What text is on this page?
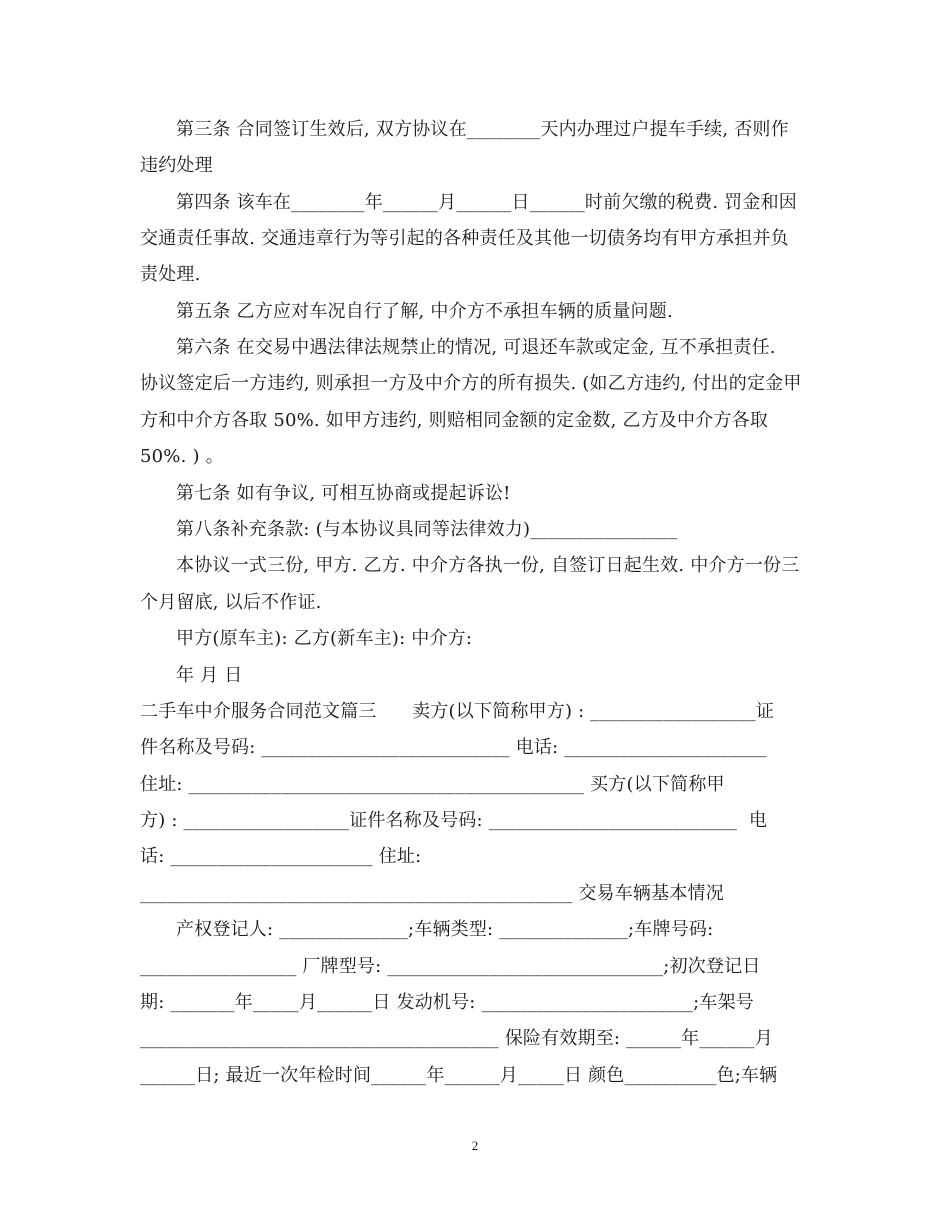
第三条 合同签订生效后, 双方协议在________天内办理过户提车手续, 否则作
违约处理
第四条 该车在________年______月______日______时前欠缴的税费. 罚金和因
交通责任事故. 交通违章行为等引起的各种责任及其他一切债务均有甲方承担并负
责处理.
第五条 乙方应对车况自行了解, 中介方不承担车辆的质量问题.
第六条 在交易中遇法律法规禁止的情况, 可退还车款或定金, 互不承担责任.
协议签定后一方违约, 则承担一方及中介方的所有损失. (如乙方违约, 付出的定金甲
方和中介方各取 50%. 如甲方违约, 则赔相同金额的定金数, 乙方及中介方各取
50%. ) 。
第七条 如有争议, 可相互协商或提起诉讼!
第八条补充条款: (与本协议具同等法律效力)________________
本协议一式三份, 甲方. 乙方. 中介方各执一份, 自签订日起生效. 中介方一份三
个月留底, 以后不作证.
甲方(原车主): 乙方(新车主): 中介方:
年 月 日
二手车中介服务合同范文篇三      卖方(以下简称甲方) : __________________证
件名称及号码: ___________________________ 电话: ______________________
住址: ___________________________________________ 买方(以下简称甲
方) : __________________证件名称及号码: ___________________________  电
话: ______________________ 住址:
_______________________________________________ 交易车辆基本情况
产权登记人: ______________;车辆类型: ______________;车牌号码:
_________________ 厂牌型号: ______________________________;初次登记日
期: _______年_____月______日 发动机号: _______________________;车架号
_______________________________________ 保险有效期至: ______年______月
______日; 最近一次年检时间______年______月_____日 颜色__________色;车辆
2
